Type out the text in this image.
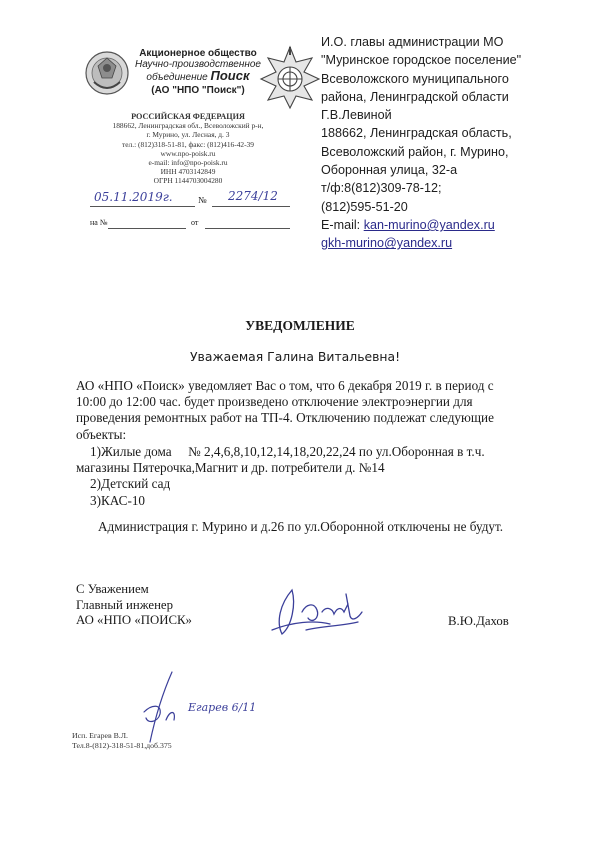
Акционерное общество
Научно-производственное
объединение Поиск
(АО "НПО "Поиск")
РОССИЙСКАЯ ФЕДЕРАЦИЯ
188662, Ленинградская обл., Всеволожский р-н,
г. Мурино, ул. Лесная, д. 3
тел.: (812)318-51-81, факс: (812)416-42-39
www.npo-poisk.ru
e-mail: info@npo-poisk.ru
ИНН 4703142849
ОГРН 1144703004280
05.11.2019г.	№ 2274/12
на №	от
И.О. главы администрации МО
"Муринское городское поселение"
Всеволожского муниципального
района, Ленинградской области
Г.В.Левиной
188662, Ленинградская область,
Всеволожский район, г. Мурино,
Оборонная улица, 32-а
т/ф:8(812)309-78-12;
(812)595-51-20
E-mail: kan-murino@yandex.ru
gkh-murino@yandex.ru
УВЕДОМЛЕНИЕ
Уважаемая Галина Витальевна!
АО «НПО «Поиск» уведомляет Вас о том, что 6 декабря 2019 г. в период с
10:00 до 12:00 час. будет произведено отключение электроэнергии для
проведения ремонтных работ на ТП-4. Отключению подлежат следующие
объекты:
1)Жилые дома     № 2,4,6,8,10,12,14,18,20,22,24 по ул.Оборонная в т.ч.
магазины Пятерочка,Магнит и др. потребители д. №14
2)Детский сад
3)КАС-10
Администрация г. Мурино и д.26 по ул.Оборонной отключены не будут.
С Уважением
Главный инженер
АО «НПО «ПОИСК»	В.Ю.Дахов
Егарев 6/11
Исп. Егарев В.Л.
Тел.8-(812)-318-51-81,доб.375
